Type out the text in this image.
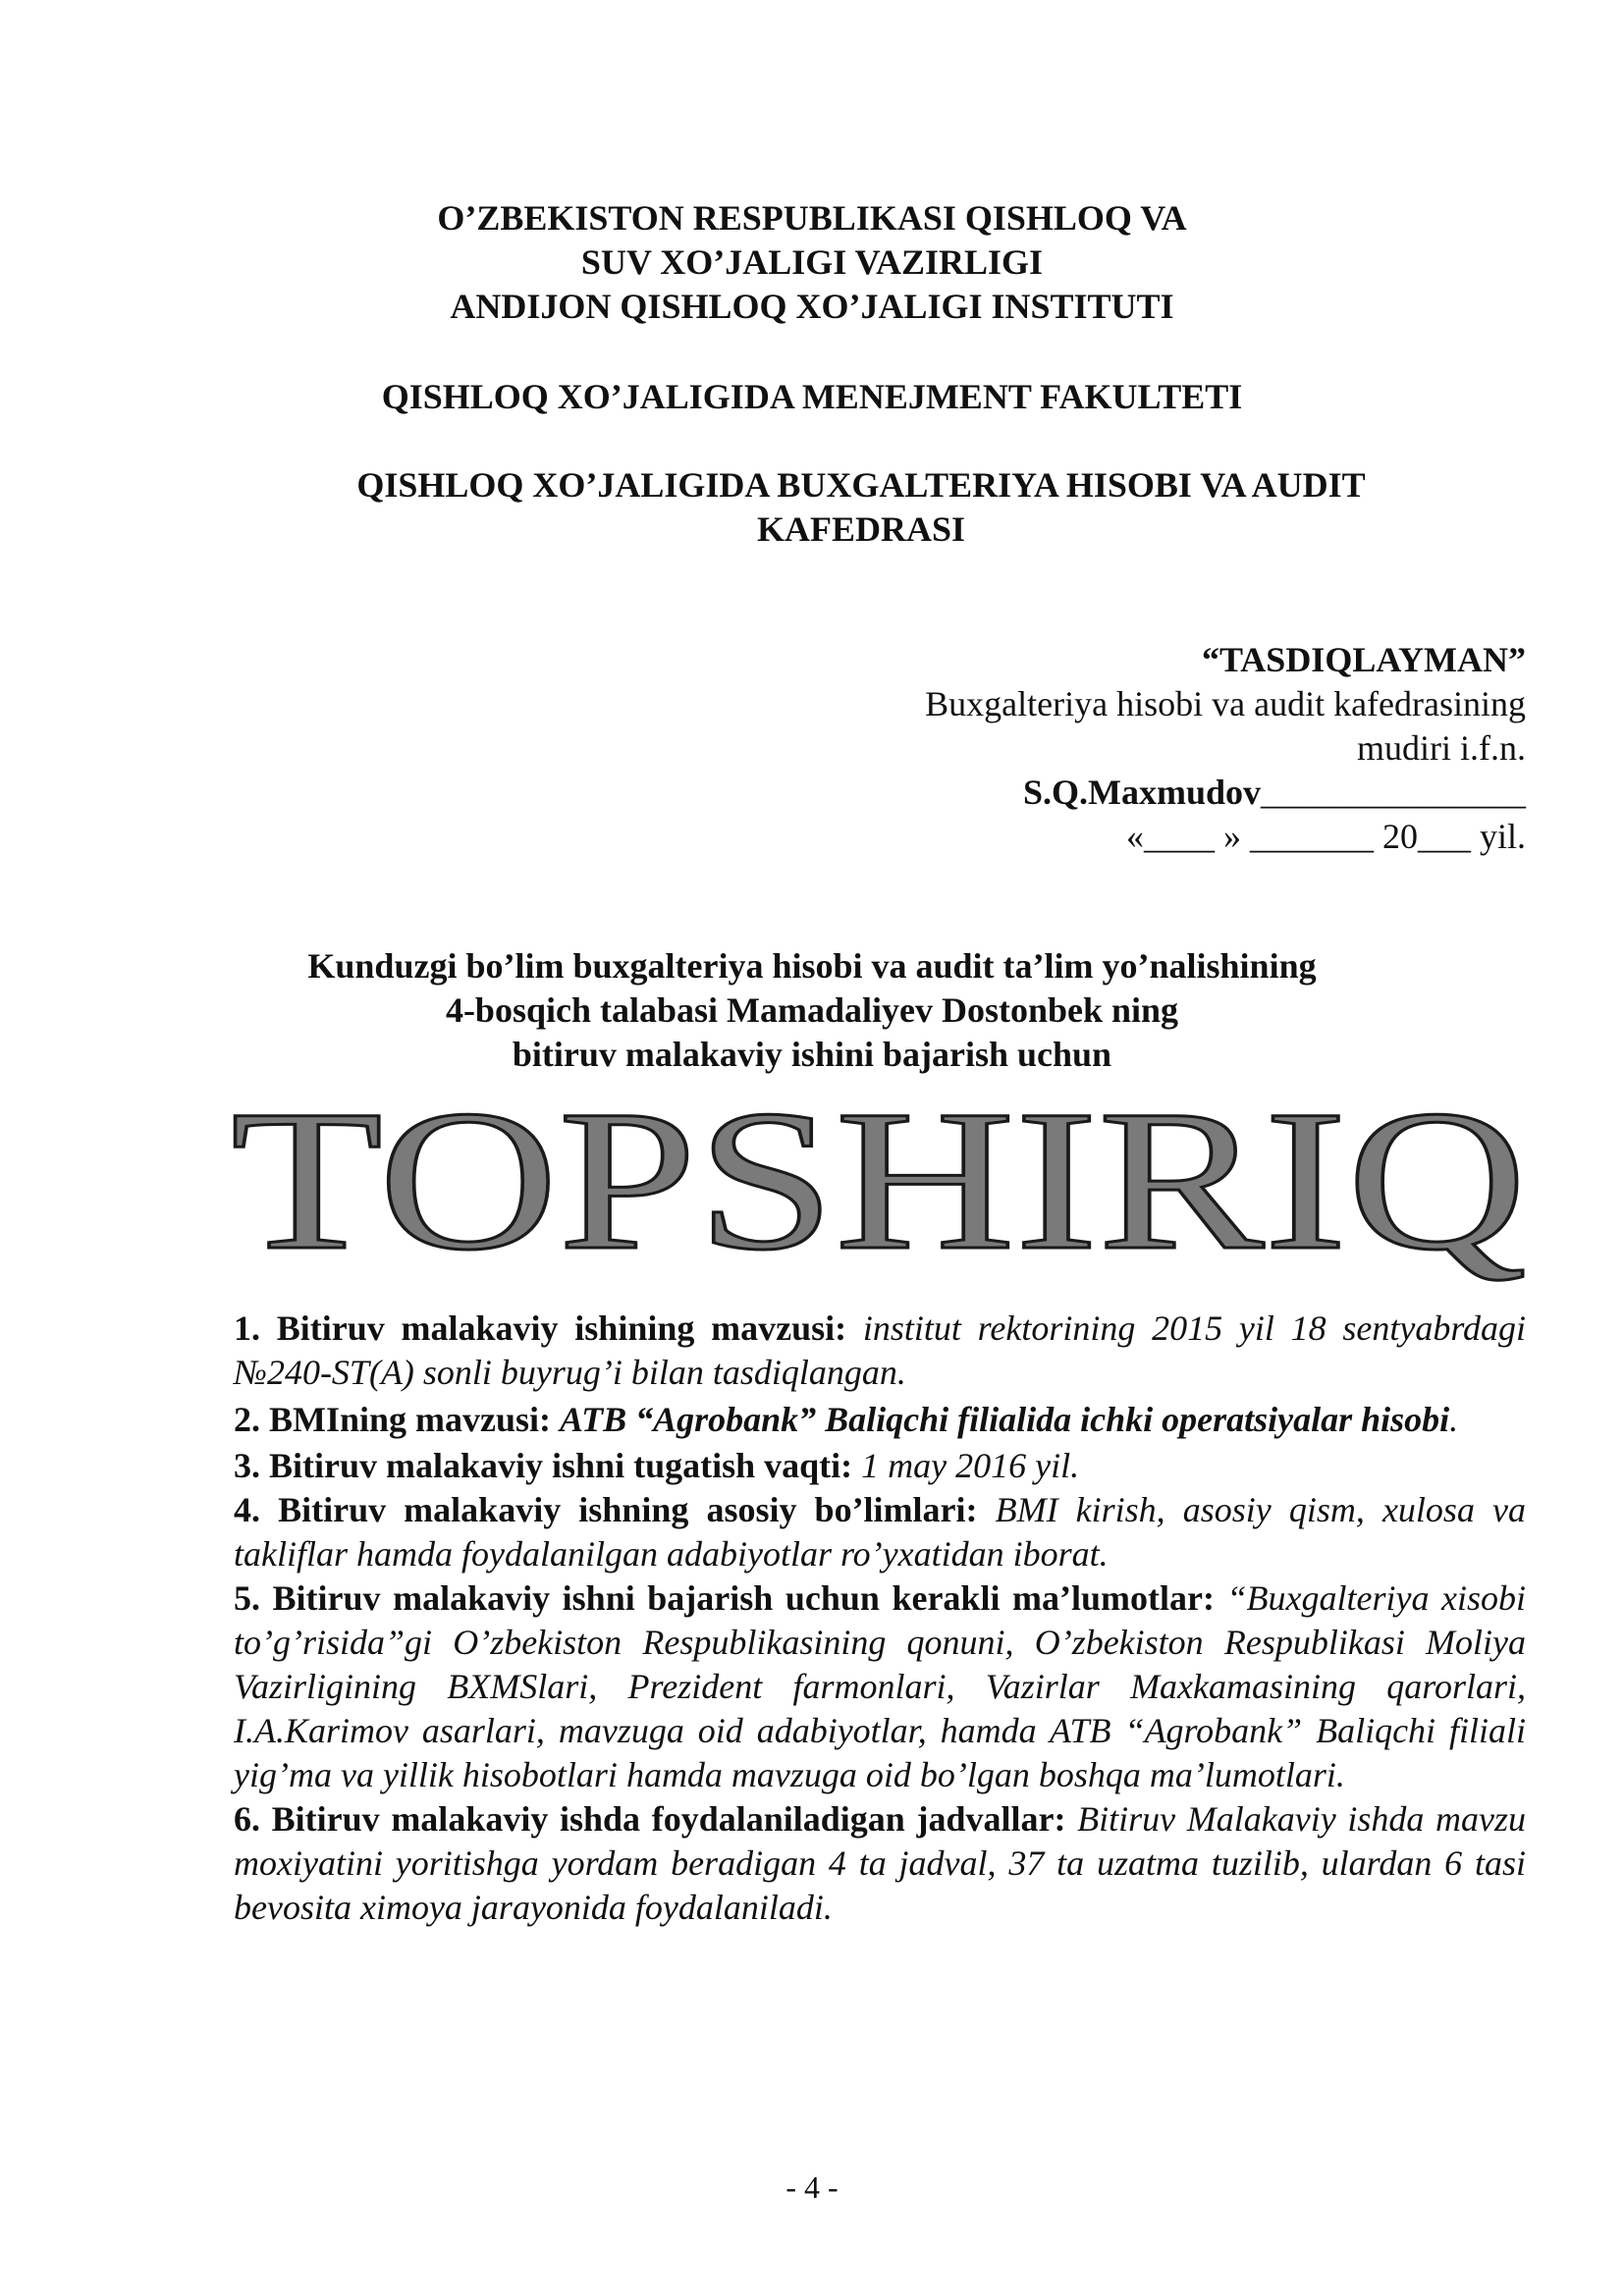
O’ZBEKISTON RESPUBLIKASI QISHLOQ VA
SUV XO’JALIGI VAZIRLIGI
ANDIJON QISHLOQ XO’JALIGI INSTITUTI
QISHLOQ XO’JALIGIDA MENEJMENT FAKULTETI
QISHLOQ XO’JALIGIDA BUXGALTERIYA HISOBI VA AUDIT
KAFEDRASI
“TASDIQLAYMAN”
Buxgalteriya hisobi va audit kafedrasining
mudiri i.f.n.
S.Q.Maxmudov_______________
«____ » _______ 20___ yil.
Kunduzgi bo’lim buxgalteriya hisobi va audit ta’lim yo’nalishining
4-bosqich talabasi Mamadaliyev Dostonbek ning
bitiruv malakaviy ishini bajarish uchun
TOPSHIRIQ

1. Bitiruv malakaviy ishining mavzusi: institut rektorining 2015 yil 18 sentyabrdagi №240-ST(A) sonli buyrug’i bilan tasdiqlangan.

2. BMIning mavzusi: ATB “Agrobank” Baliqchi filialida ichki operatsiyalar hisobi.

3. Bitiruv malakaviy ishni tugatish vaqti: 1 may 2016 yil.

4. Bitiruv malakaviy ishning asosiy bo’limlari: BMI kirish, asosiy qism, xulosa va takliflar hamda foydalanilgan adabiyotlar ro’yxatidan iborat.

5. Bitiruv malakaviy ishni bajarish uchun kerakli ma’lumotlar: “Buxgalteriya xisobi to’g’risida”gi O’zbekiston Respublikasining qonuni, O’zbekiston Respublikasi Moliya Vazirligining BXMSlari, Prezident farmonlari, Vazirlar Maxkamasining qarorlari, I.A.Karimov asarlari, mavzuga oid adabiyotlar, hamda ATB “Agrobank” Baliqchi filiali yig’ma va yillik hisobotlari hamda mavzuga oid bo’lgan boshqa ma’lumotlari.

6. Bitiruv malakaviy ishda foydalaniladigan jadvallar: Bitiruv Malakaviy ishda mavzu moxiyatini yoritishga yordam beradigan 4 ta jadval, 37 ta uzatma tuzilib, ulardan 6 tasi bevosita ximoya jarayonida foydalaniladi.

- 4 -
